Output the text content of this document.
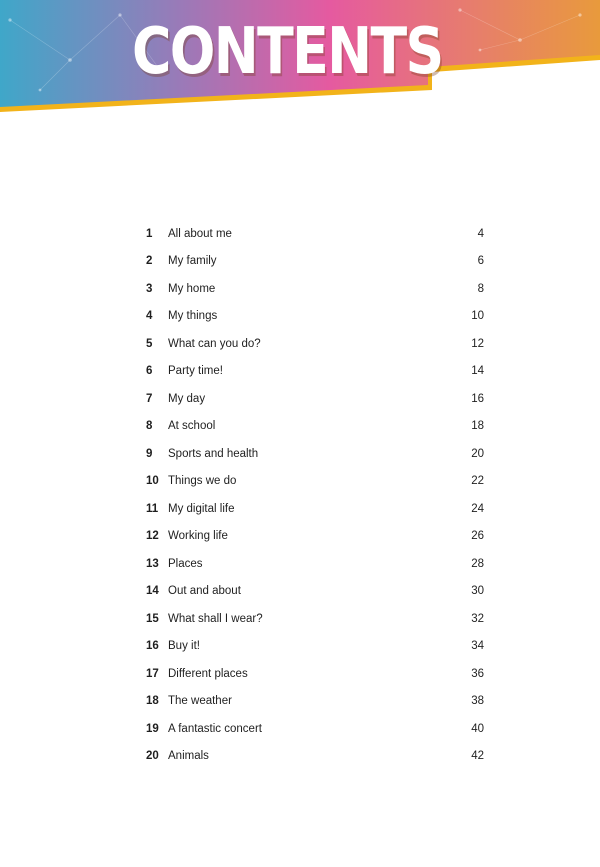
CONTENTS
1	All about me	4
2	My family	6
3	My home	8
4	My things	10
5	What can you do?	12
6	Party time!	14
7	My day	16
8	At school	18
9	Sports and health	20
10 Things we do	22
11 My digital life	24
12 Working life	26
13 Places	28
14 Out and about	30
15 What shall I wear?	32
16 Buy it!	34
17 Different places	36
18 The weather	38
19 A fantastic concert	40
20 Animals	42
